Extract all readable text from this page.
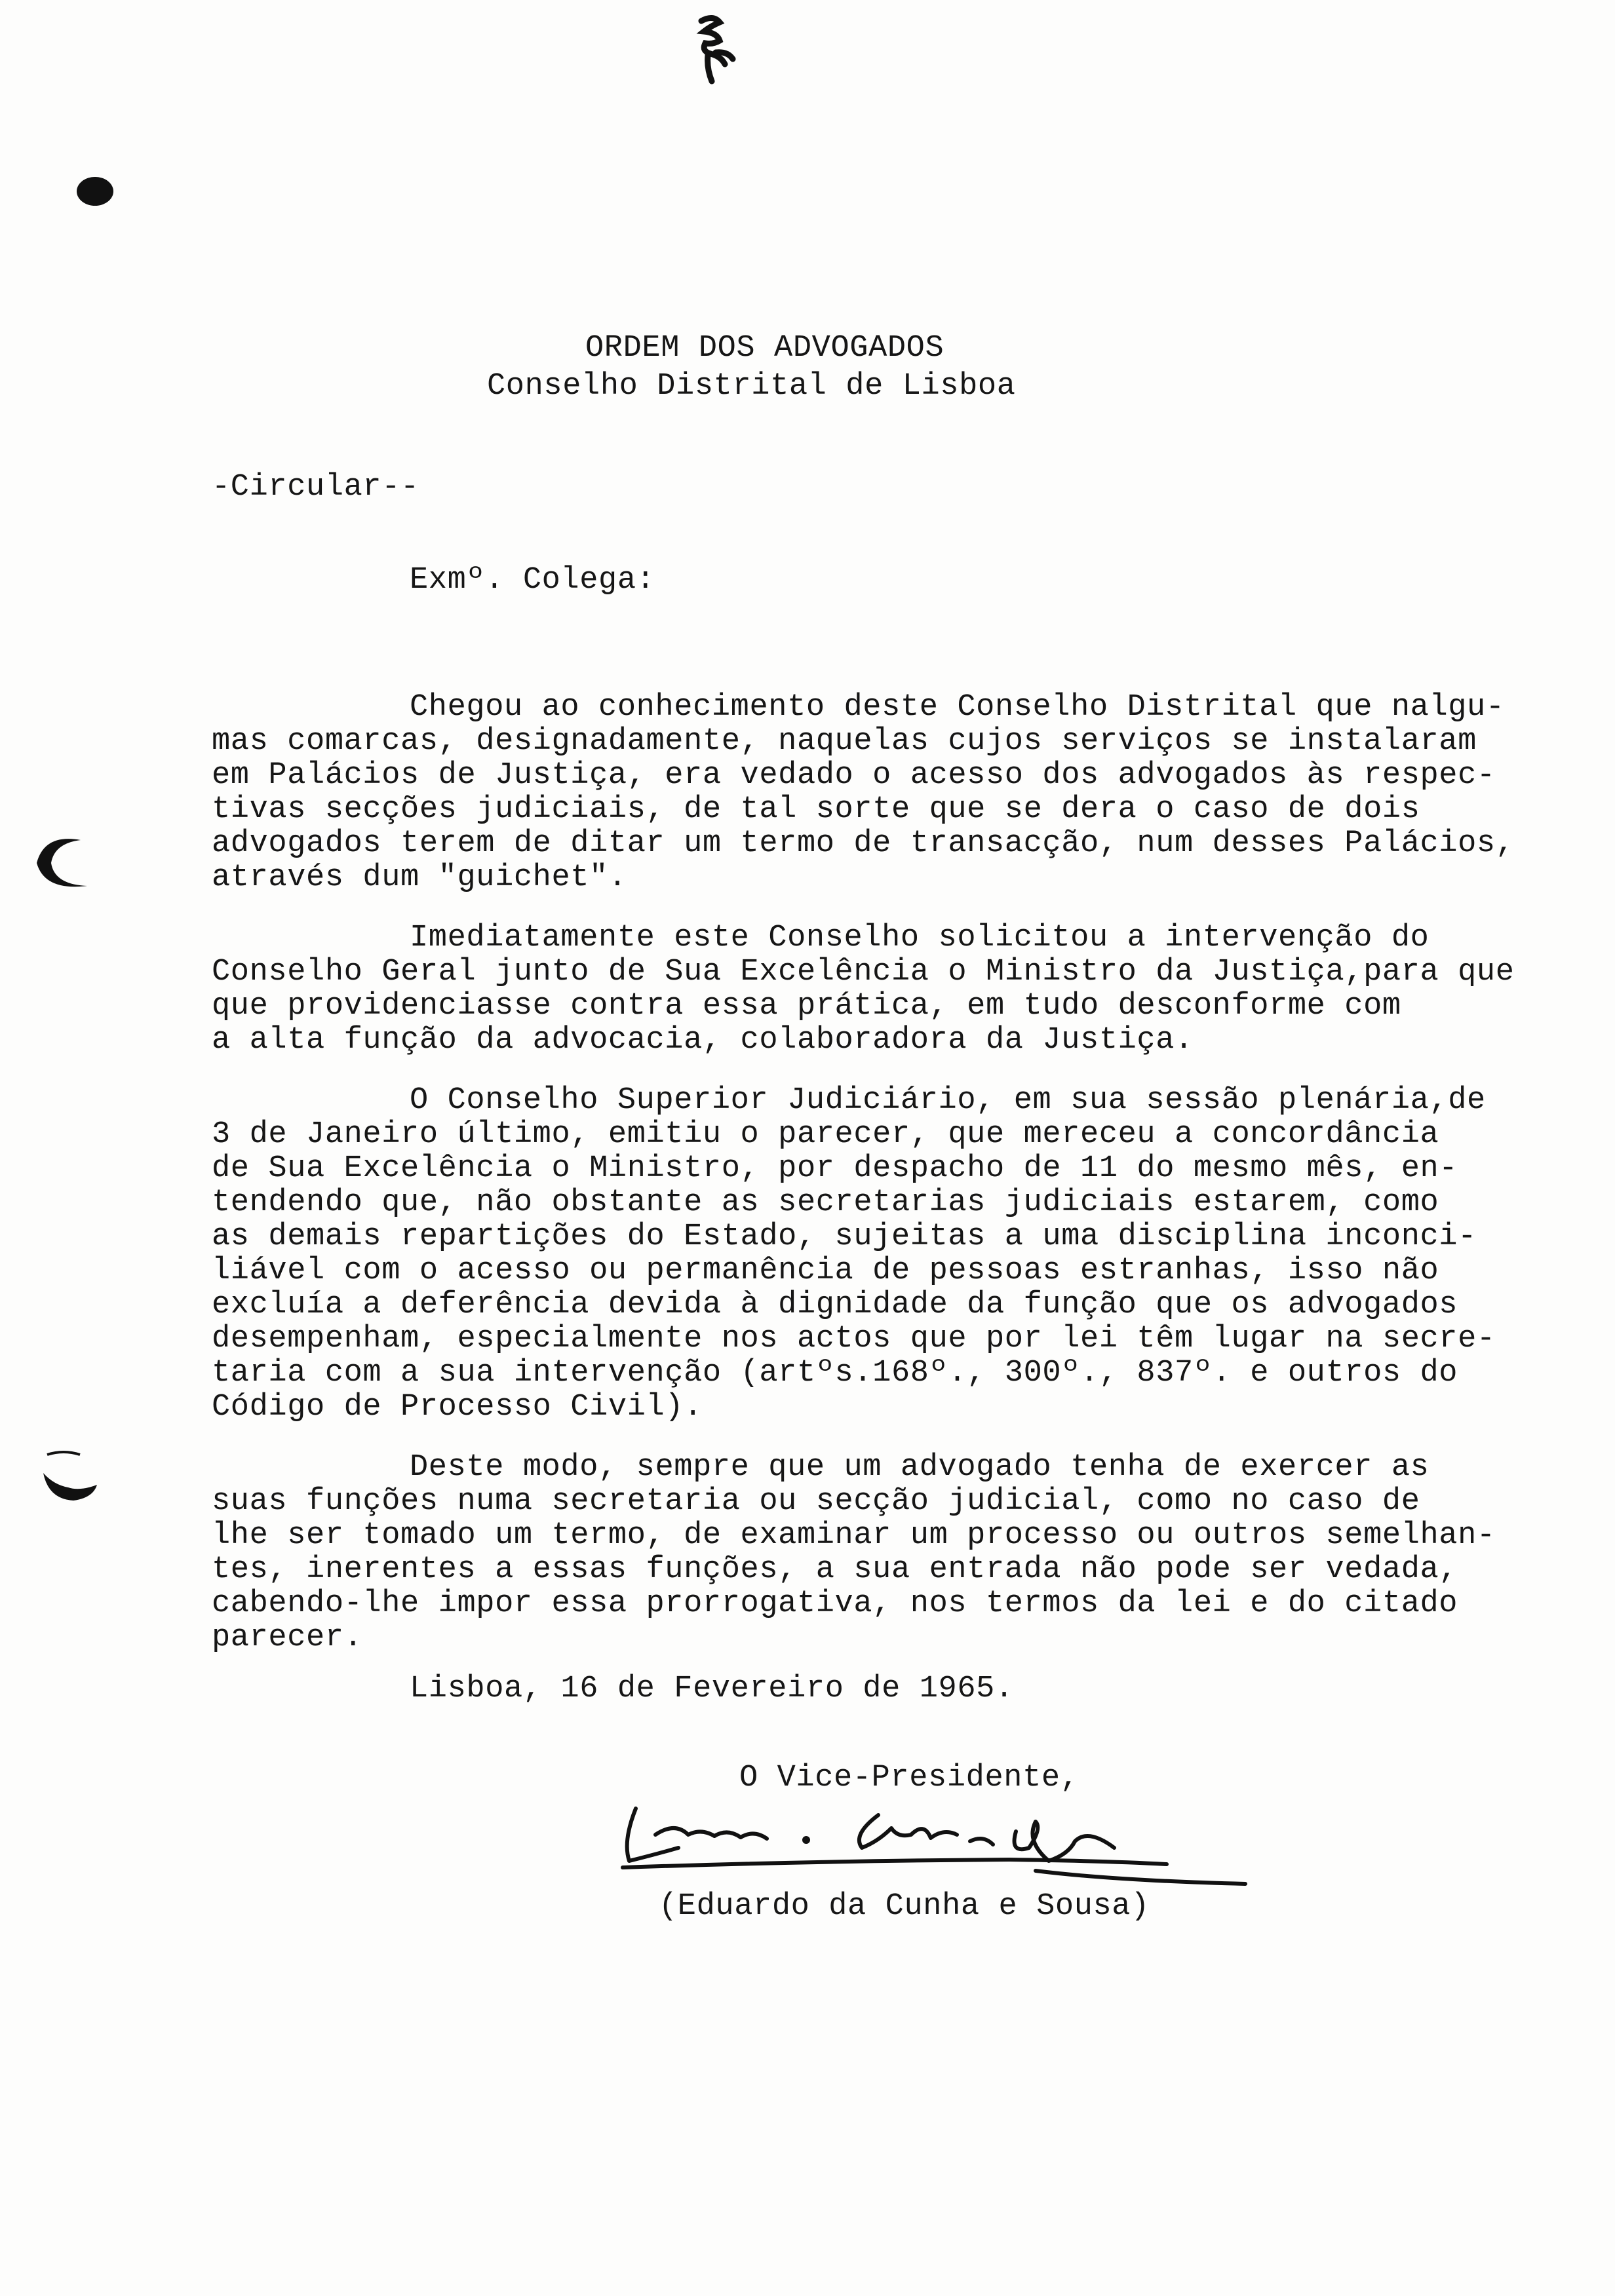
ORDEM DOS ADVOGADOS
Conselho Distrital de Lisboa
-Circular--
Exmº. Colega:
Chegou ao conhecimento deste Conselho Distrital que nalgu-
mas comarcas, designadamente, naquelas cujos serviços se instalaram
em Palácios de Justiça, era vedado o acesso dos advogados às respec-
tivas secções judiciais, de tal sorte que se dera o caso de dois
advogados terem de ditar um termo de transacção, num desses Palácios,
através dum "guichet".
Imediatamente este Conselho solicitou a intervenção do
Conselho Geral junto de Sua Excelência o Ministro da Justiça,para que
que providenciasse contra essa prática, em tudo desconforme com
a alta função da advocacia, colaboradora da Justiça.
O Conselho Superior Judiciário, em sua sessão plenária,de
3 de Janeiro último, emitiu o parecer, que mereceu a concordância
de Sua Excelência o Ministro, por despacho de 11 do mesmo mês, en-
tendendo que, não obstante as secretarias judiciais estarem, como
as demais repartições do Estado, sujeitas a uma disciplina inconci-
liável com o acesso ou permanência de pessoas estranhas, isso não
excluía a deferência devida à dignidade da função que os advogados
desempenham, especialmente nos actos que por lei têm lugar na secre-
taria com a sua intervenção (artºs.168º., 300º., 837º. e outros do
Código de Processo Civil).
Deste modo, sempre que um advogado tenha de exercer as
suas funções numa secretaria ou secção judicial, como no caso de
lhe ser tomado um termo, de examinar um processo ou outros semelhan-
tes, inerentes a essas funções, a sua entrada não pode ser vedada,
cabendo-lhe impor essa prorrogativa, nos termos da lei e do citado
parecer.
Lisboa, 16 de Fevereiro de 1965.
O Vice-Presidente,
(Eduardo da Cunha e Sousa)
